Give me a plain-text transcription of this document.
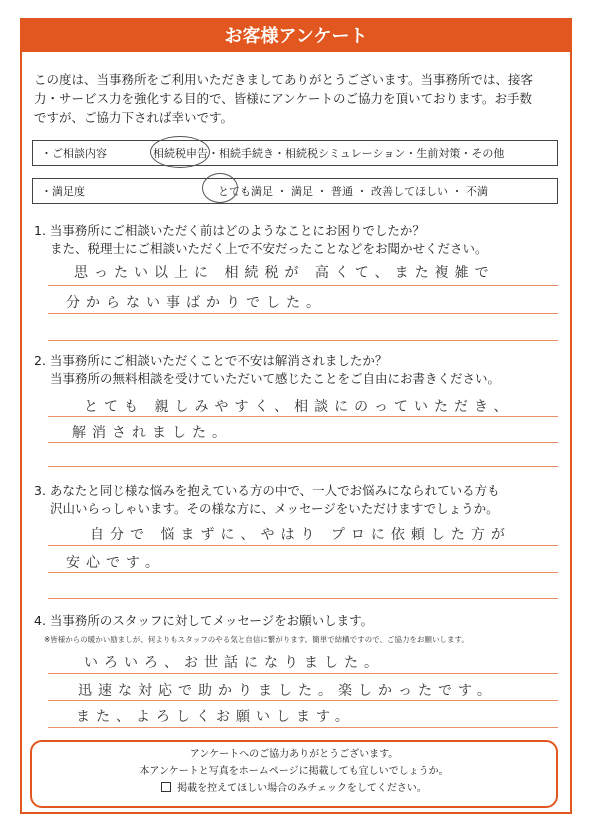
お客様アンケート
この度は、当事務所をご利用いただきましてありがとうございます。当事務所では、接客
力・サービス力を強化する目的で、皆様にアンケートのご協力を頂いております。お手数
ですが、ご協力下されば幸いです。
・ご相談内容	相続税申告・相続手続き・相続税シミュレーション・生前対策・その他
・満足度	とても満足 ・ 満足 ・ 普通 ・ 改善してほしい ・ 不満
1. 当事務所にご相談いただく前はどのようなことにお困りでしたか？
また、税理士にご相談いただく上で不安だったことなどをお聞かせください。
思ったい以上に 相続税が 高くて、また複雑で
分からない事ばかりでした。
2. 当事務所にご相談いただくことで不安は解消されましたか？
当事務所の無料相談を受けていただいて感じたことをご自由にお書きください。
とても 親しみやすく、相談にのっていただき、
解消されました。
3. あなたと同じ様な悩みを抱えている方の中で、一人でお悩みになられている方も
沢山いらっしゃいます。その様な方に、メッセージをいただけますでしょうか。
自分で 悩まずに、やはり プロに依頼した方が
安心です。
4. 当事務所のスタッフに対してメッセージをお願いします。
※皆様からの暖かい励ましが、何よりもスタッフのやる気と自信に繋がります。簡単で結構ですので、ご協力をお願いします。
いろいろ、お世話になりました。
迅速な対応で助かりました。楽しかったです。
また、よろしくお願いします。
アンケートへのご協力ありがとうございます。
本アンケートと写真をホームページに掲載しても宜しいでしょうか。
掲載を控えてほしい場合のみチェックをしてください。
